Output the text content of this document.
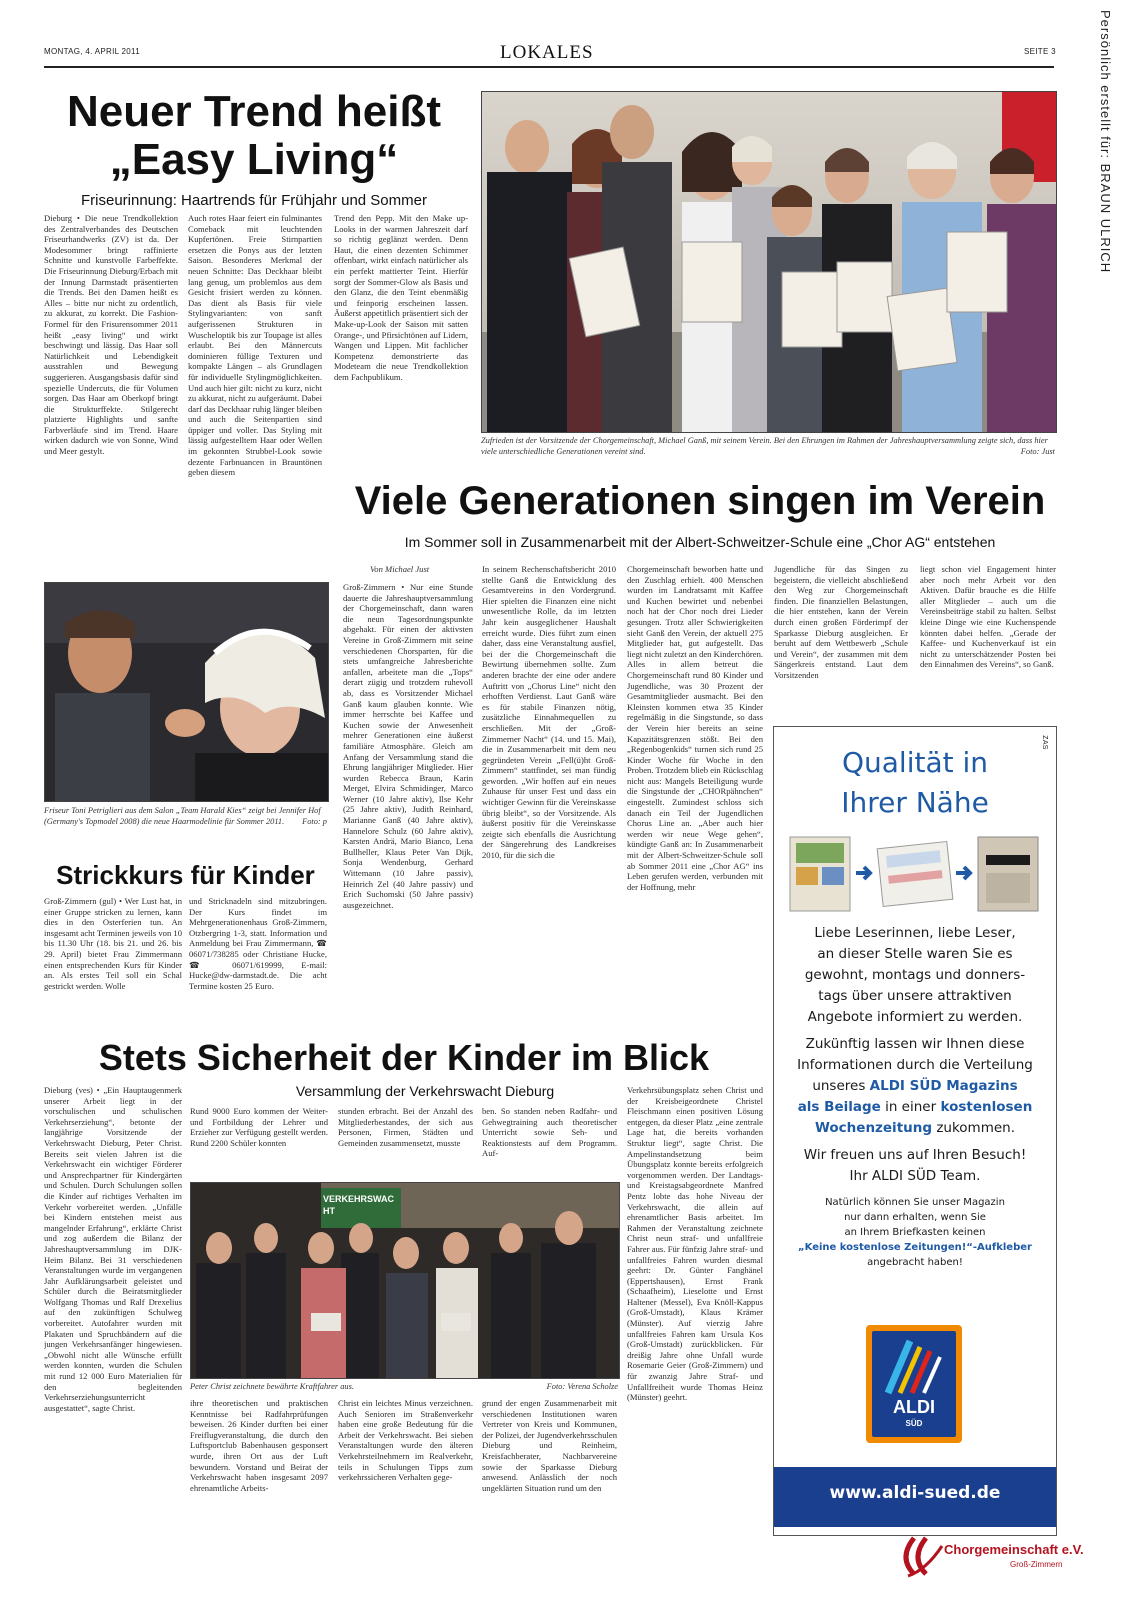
MONTAG, 4. APRIL 2011	LOKALES	SEITE 3	Persönlich erstellt für: BRAUN ULRICH
Neuer Trend heißt
„Easy Living“
Friseurinnung: Haartrends für Frühjahr und Sommer

Dieburg • Die neue Trendkollektion des Zentralverbandes des Deutschen Friseurhandwerks (ZV) ist da. Der Modesommer bringt raffinierte Schnitte und kunstvolle Farbeffekte. Die Friseurinnung Dieburg/Erbach mit der Innung Darmstadt präsentierten die Trends. Bei den Damen heißt es Alles – bitte nur nicht zu ordentlich, zu akkurat, zu korrekt. Die Fashion-Formel für den Frisurensommer 2011 heißt „easy living“ und wirkt beschwingt und lässig. Das Haar soll Natürlichkeit und Lebendigkeit ausstrahlen und Bewegung suggerieren. Ausgangsbasis dafür sind spezielle Undercuts, die für Volumen sorgen. Das Haar am Oberkopf bringt die Strukturffekte. Stilgerecht platzierte Highlights und sanfte Farbverläufe sind im Trend. Haare wirken dadurch wie von Sonne, Wind und Meer gestylt.

Auch rotes Haar feiert ein fulminantes Comeback mit leuchtenden Kupfertönen. Freie Stirnpartien ersetzen die Ponys aus der letzten Saison. Besonderes Merkmal der neuen Schnitte: Das Deckhaar bleibt lang genug, um problemlos aus dem Gesicht frisiert werden zu können. Das dient als Basis für viele Stylingvarianten: von sanft aufgerissenen Strukturen in Wuscheloptik bis zur Toupage ist alles erlaubt. Bei den Männercuts dominieren füllige Texturen und kompakte Längen – als Grundlagen für individuelle Stylingmöglichkeiten. Und auch hier gilt: nicht zu kurz, nicht zu akkurat, nicht zu aufgeräumt. Dabei darf das Deckhaar ruhig länger bleiben und auch die Seitenpartien sind üppiger und voller. Das Styling mit lässig aufgestelltem Haar oder Wellen im gekonnten Strubbel-Look sowie dezente Farbnuancen in Brauntönen geben diesem

Trend den Pepp. Mit den Make up-Looks in der warmen Jahreszeit darf so richtig geglänzt werden. Denn Haut, die einen dezenten Schimmer offenbart, wirkt einfach natürlicher als ein perfekt mattierter Teint. Hierfür sorgt der Sommer-Glow als Basis und den Glanz, die den Teint ebenmäßig und feinporig erscheinen lassen. Äußerst appetitlich präsentiert sich der Make-up-Look der Saison mit satten Orange-, und Pfirsichtönen auf Lidern, Wangen und Lippen. Mit fachlicher Kompetenz demonstrierte das Modeteam die neue Trendkollektion dem Fachpublikum.

Zufrieden ist der Vorsitzende der Chorgemeinschaft, Michael Ganß, mit seinem Verein. Bei den Ehrungen im Rahmen der Jahreshauptversammlung zeigte sich, dass hier viele unterschiedliche Generationen vereint sind.	Foto: Just
Viele Generationen singen im Verein
Im Sommer soll in Zusammenarbeit mit der Albert-Schweitzer-Schule eine „Chor AG“ entstehen
Friseur Toni Petriglieri aus dem Salon „Team Harald Kies“ zeigt bei Jennifer Hof (Germany's Topmodel 2008) die neue Haarmodelinie für Sommer 2011. Foto: p
Von Michael Just

Groß-Zimmern • Nur eine Stunde dauerte die Jahreshauptversammlung der Chorgemeinschaft, dann waren die neun Tagesordnungspunkte abgehakt. Für einen der aktivsten Vereine in Groß-Zimmern mit seine verschiedenen Chorsparten, für die stets umfangreiche Jahresberichte anfallen, arbeitete man die „Tops“ derart zügig und trotzdem ruhevoll ab, dass es Vorsitzender Michael Ganß kaum glauben konnte. Wie immer herrschte bei Kaffee und Kuchen sowie der Anwesenheit mehrer Generationen eine äußerst familiäre Atmosphäre. Gleich am Anfang der Versammlung stand die Ehrung langjähriger Mitglieder. Hier wurden Rebecca Braun, Karin Merget, Elvira Schmidinger, Marco Werner (10 Jahre aktiv), Ilse Kehr (25 Jahre aktiv), Judith Reinhard, Marianne Ganß (40 Jahre aktiv), Hannelore Schulz (60 Jahre aktiv), Karsten Andrä, Mario Bianco, Lena Bullheller, Klaus Peter Van Dijk, Sonja Wendenburg, Gerhard Wittemann (10 Jahre passiv), Heinrich Zel (40 Jahre passiv) und Erich Suchomski (50 Jahre passiv) ausgezeichnet.

In seinem Rechenschaftsbericht 2010 stellte Ganß die Entwicklung des Gesamtvereins in den Vordergrund. Hier spielten die Finanzen eine nicht unwesentliche Rolle, da im letzten Jahr kein ausgeglichener Haushalt erreicht wurde. Dies führt zum einen daher, dass eine Veranstaltung ausfiel, bei der die Chorgemeinschaft die Bewirtung übernehmen sollte. Zum anderen brachte der eine oder andere Auftritt von „Chorus Line“ nicht den erhofften Verdienst. Laut Ganß wäre es für stabile Finanzen nötig, zusätzliche Einnahmequellen zu erschließen. Mit der „Groß-Zimmerner Nacht“ (14. und 15. Mai), die in Zusammenarbeit mit dem neu gegründeten Verein „Fell(ü)ht Groß-Zimmern“ stattfindet, sei man fündig geworden. „Wir hoffen auf ein neues Zuhause für unser Fest und dass ein wichtiger Gewinn für die Vereinskasse übrig bleibt“, so der Vorsitzende. Als äußerst positiv für die Vereinskasse zeigte sich ebenfalls die Ausrichtung der Sängerehrung des Landkreises 2010, für die sich die

Chorgemeinschaft beworben hatte und den Zuschlag erhielt. 400 Menschen wurden im Landratsamt mit Kaffee und Kuchen bewirtet und nebenbei noch hat der Chor noch drei Lieder gesungen. Trotz aller Schwierigkeiten sieht Ganß den Verein, der aktuell 275 Mitglieder hat, gut aufgestellt. Das liegt nicht zuletzt an den Kinderchören. Alles in allem betreut die Chorgemeinschaft rund 80 Kinder und Jugendliche, was 30 Prozent der Gesamtmitglieder ausmacht. Bei den Kleinsten kommen etwa 35 Kinder regelmäßig in die Singstunde, so dass der Verein hier bereits an seine Kapazitätsgrenzen stößt. Bei den „Regenbogenkids“ turnen sich rund 25 Kinder Woche für Woche in den Proben. Trotzdem blieb ein Rückschlag nicht aus: Mangels Beteiligung wurde die Singstunde der „CHORpähnchen“ eingestellt. Zumindest schloss sich danach ein Teil der Jugendlichen Chorus Line an. „Aber auch hier werden wir neue Wege gehen“, kündigte Ganß an: In Zusammenarbeit mit der Albert-Schweitzer-Schule soll ab Sommer 2011 eine „Chor AG“ ins Leben gerufen werden, verbunden mit der Hoffnung, mehr

Jugendliche für das Singen zu begeistern, die vielleicht abschließend den Weg zur Chorgemeinschaft finden. Die finanziellen Belastungen, die hier entstehen, kann der Verein durch einen großen Förderimpf der Sparkasse Dieburg ausgleichen. Er beruht auf dem Wettbewerb „Schule und Verein“, der zusammen mit dem Sängerkreis entstand. Laut dem Vorsitzenden

liegt schon viel Engagement hinter aber noch mehr Arbeit vor den Aktiven. Dafür brauche es die Hilfe aller Mitglieder – auch um die Vereinsbeiträge stabil zu halten. Selbst kleine Dinge wie eine Kuchenspende könnten dabei helfen. „Gerade der Kaffee- und Kuchenverkauf ist ein nicht zu unterschätzender Posten bei den Einnahmen des Vereins“, so Ganß.

Strickkurs für Kinder

Groß-Zimmern (gul) • Wer Lust hat, in einer Gruppe stricken zu lernen, kann dies in den Osterferien tun. An insgesamt acht Terminen jeweils von 10 bis 11.30 Uhr (18. bis 21. und 26. bis 29. April) bietet Frau Zimmermann einen entsprechenden Kurs für Kinder an. Als erstes Teil soll ein Schal gestrickt werden. Wolle

und Stricknadeln sind mitzubringen. Der Kurs findet im Mehrgenerationenhaus Groß-Zimmern, Otzbergring 1-3, statt. Information und Anmeldung bei Frau Zimmermann, ☎ 06071/738285 oder Christiane Hucke, ☎ 06071/619999, E-mail: Hucke@dw-darmstadt.de. Die acht Termine kosten 25 Euro.

Stets Sicherheit der Kinder im Blick
Versammlung der Verkehrswacht Dieburg

Dieburg (ves) • „Ein Hauptaugenmerk unserer Arbeit liegt in der vorschulischen und schulischen Verkehrserziehung“, betonte der langjährige Vorsitzende der Verkehrswacht Dieburg, Peter Christ. Bereits seit vielen Jahren ist die Verkehrswacht ein wichtiger Förderer und Ansprechpartner für Kindergärten und Schulen. Durch Schulungen sollen die Kinder auf richtiges Verhalten im Verkehr vorbereitet werden. „Unfälle bei Kindern entstehen meist aus mangelnder Erfahrung“, erklärte Christ und zog außerdem die Bilanz der Jahreshauptversammlung im DJK-Heim Bilanz. Bei 31 verschiedenen Veranstaltungen wurde im vergangenen Jahr Aufklärungsarbeit geleistet und Schüler durch die Beiratsmitglieder Wolfgang Thomas und Ralf Drexelius auf den zukünftigen Schulweg vorbereitet. Autofahrer wurden mit Plakaten und Spruchbändern auf die jungen Verkehrsanfänger hingewiesen. „Obwohl nicht alle Wünsche erfüllt werden konnten, wurden die Schulen mit rund 12 000 Euro Materialien für den begleitenden Verkehrserziehungsunterricht ausgestattet“, sagte Christ.

Rund 9000 Euro kommen der Weiter- und Fortbildung der Lehrer und Erzieher zur Verfügung gestellt werden. Rund 2200 Schüler konnten

stunden erbracht. Bei der Anzahl des Mitgliederbestandes, der sich aus Personen, Firmen, Städten und Gemeinden zusammensetzt, musste

ben. So standen neben Radfahr- und Gehwegtraining auch theoretischer Unterricht sowie Seh- und Reaktionstests auf dem Programm. Auf-

Verkehrsübungsplatz sehen Christ und der Kreisbeigeordnete Christel Fleischmann einen positiven Lösung entgegen, da dieser Platz „eine zentrale Lage hat, die bereits vorhanden Struktur liegt“, sagte Christ. Die Ampelinstandsetzung beim Übungsplatz konnte bereits erfolgreich vorgenommen werden. Der Landtags- und Kreistagsabgeordnete Manfred Pentz lobte das hohe Niveau der Verkehrswacht, die allein auf ehrenamtlicher Basis arbeitet. Im Rahmen der Veranstaltung zeichnete Christ neun straf- und unfallfreie Fahrer aus. Für fünfzig Jahre straf- und unfallfreies Fahren wurden diesmal geehrt: Dr. Günter Fanghänel (Eppertshausen), Ernst Frank (Schaafheim), Lieselotte und Ernst Haltener (Messel), Eva Knöll-Kappus (Groß-Umstadt), Klaus Krämer (Münster). Auf vierzig Jahre unfallfreies Fahren kam Ursula Kos (Groß-Umstadt) zurückblicken. Für dreißig Jahre ohne Unfall wurde Rosemarie Geier (Groß-Zimmern) und für zwanzig Jahre Straf- und Unfallfreiheit wurde Thomas Heinz (Münster) geehrt.

VERKEHRSWACHT
Peter Christ zeichnete bewährte Kraftfahrer aus.	Foto: Verena Scholze

ihre theoretischen und praktischen Kenntnisse bei Radfahrprüfungen beweisen. 26 Kinder durften bei einer Freiflugveranstaltung, die durch den Luftsportclub Babenhausen gesponsert wurde, ihren Ort aus der Luft bewundern. Vorstand und Beirat der Verkehrswacht haben insgesamt 2097 ehrenamtliche Arbeits-

Christ ein leichtes Minus verzeichnen. Auch Senioren im Straßenverkehr haben eine große Bedeutung für die Arbeit der Verkehrswacht. Bei sieben Veranstaltungen wurde den älteren Verkehrsteilnehmern im Realverkehr, teils in Schulungen Tipps zum verkehrssicheren Verhalten gege-

grund der engen Zusammenarbeit mit verschiedenen Institutionen waren Vertreter von Kreis und Kommunen, der Polizei, der Jugendverkehrsschulen Dieburg und Reinheim, Kreisfachberater, Nachbarvereine sowie der Sparkasse Dieburg anwesend. Anlässlich der noch ungeklärten Situation rund um den

ZAS
Qualität in
Ihrer Nähe
Liebe Leserinnen, liebe Leser,
an dieser Stelle waren Sie es
gewohnt, montags und donners-
tags über unsere attraktiven
Angebote informiert zu werden.
Zukünftig lassen wir Ihnen diese
Informationen durch die Verteilung
unseres ALDI SÜD Magazins
als Beilage in einer kostenlosen
Wochenzeitung zukommen.
Wir freuen uns auf Ihren Besuch!
Ihr ALDI SÜD Team.
Natürlich können Sie unser Magazin
nur dann erhalten, wenn Sie
an Ihrem Briefkasten keinen
„Keine kostenlose Zeitungen!“-Aufkleber
angebracht haben!
ALDI
SÜD
www.aldi-sued.de
Chorgemeinschaft e.V.
Groß-Zimmern
